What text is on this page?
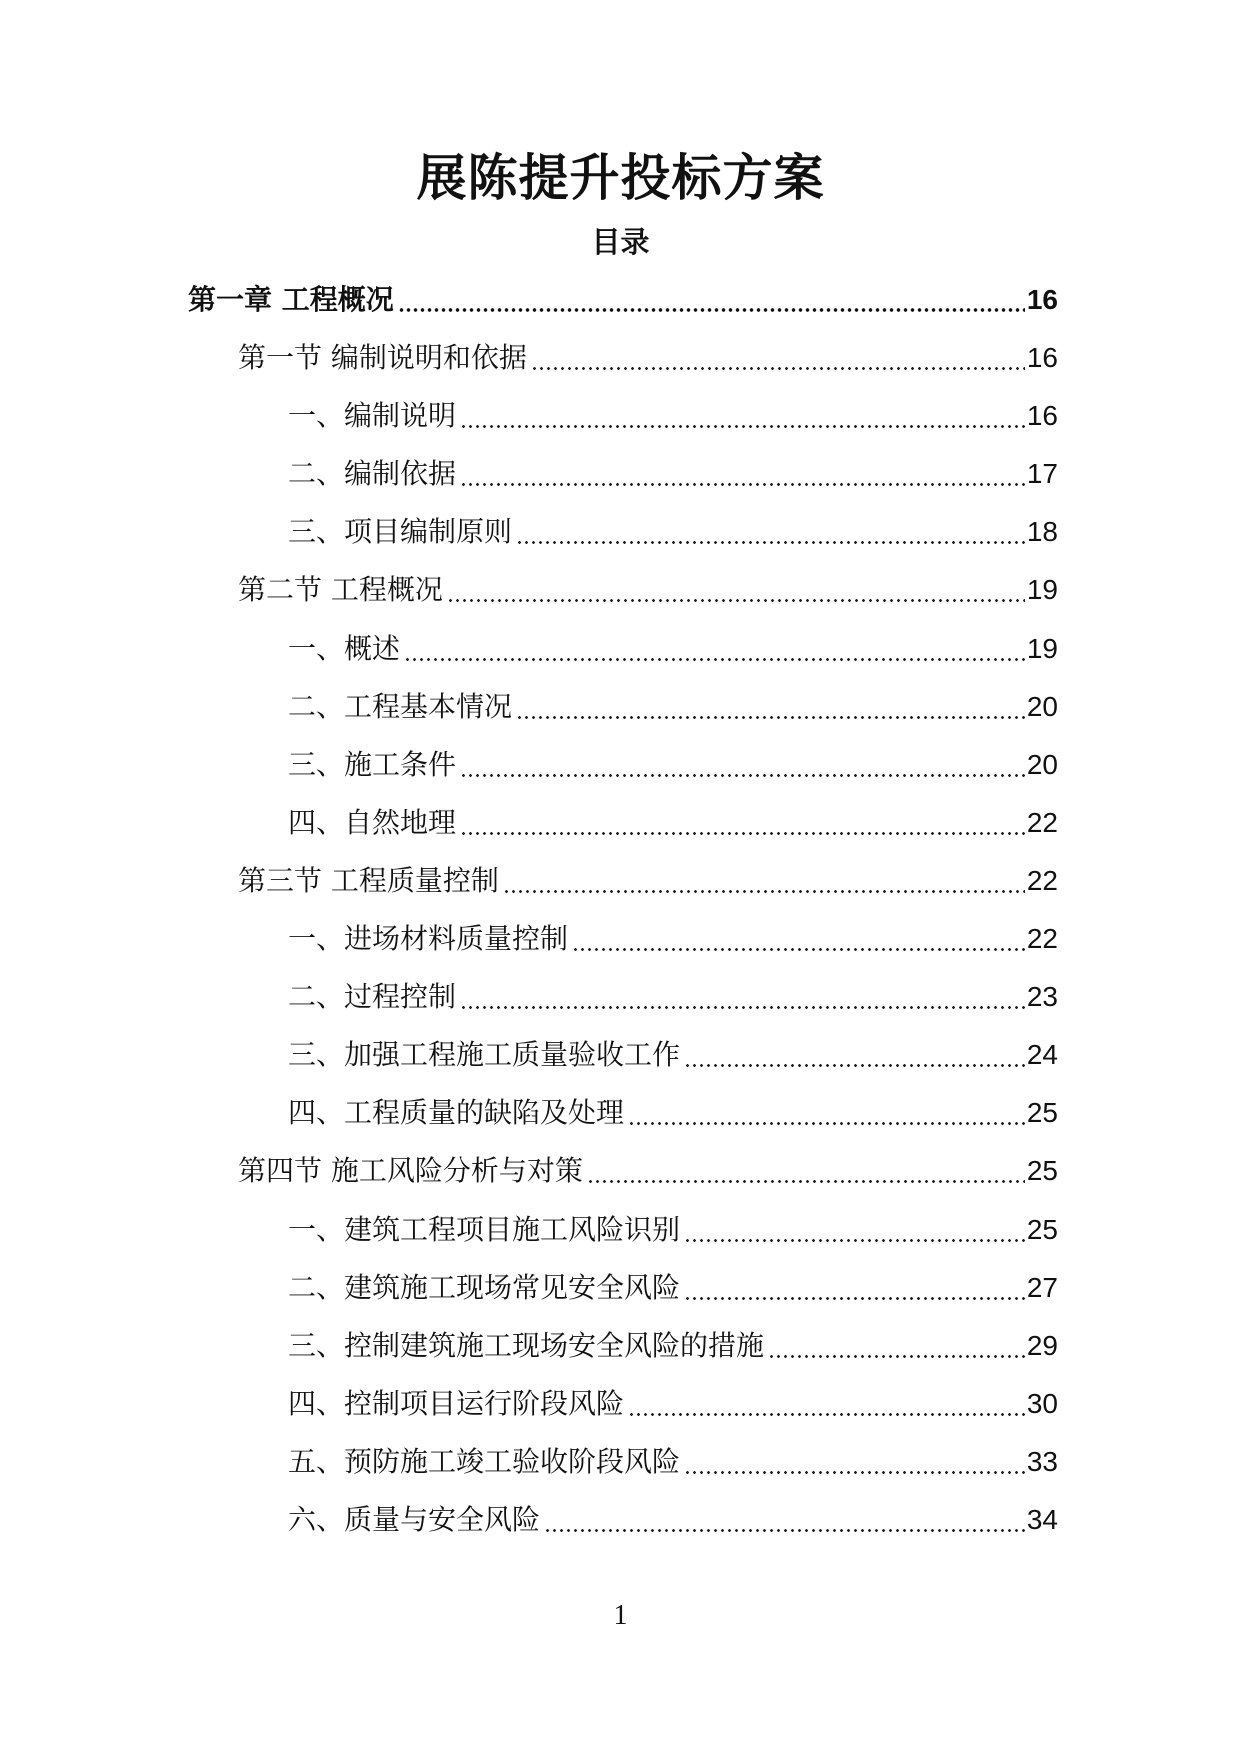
展陈提升投标方案
目录
第一章 工程概况	16
第一节 编制说明和依据	16
一、编制说明	16
二、编制依据	17
三、项目编制原则	18
第二节 工程概况	19
一、概述	19
二、工程基本情况	20
三、施工条件	20
四、自然地理	22
第三节 工程质量控制	22
一、进场材料质量控制	22
二、过程控制	23
三、加强工程施工质量验收工作	24
四、工程质量的缺陷及处理	25
第四节 施工风险分析与对策	25
一、建筑工程项目施工风险识别	25
二、建筑施工现场常见安全风险	27
三、控制建筑施工现场安全风险的措施	29
四、控制项目运行阶段风险	30
五、预防施工竣工验收阶段风险	33
六、质量与安全风险	34
1
